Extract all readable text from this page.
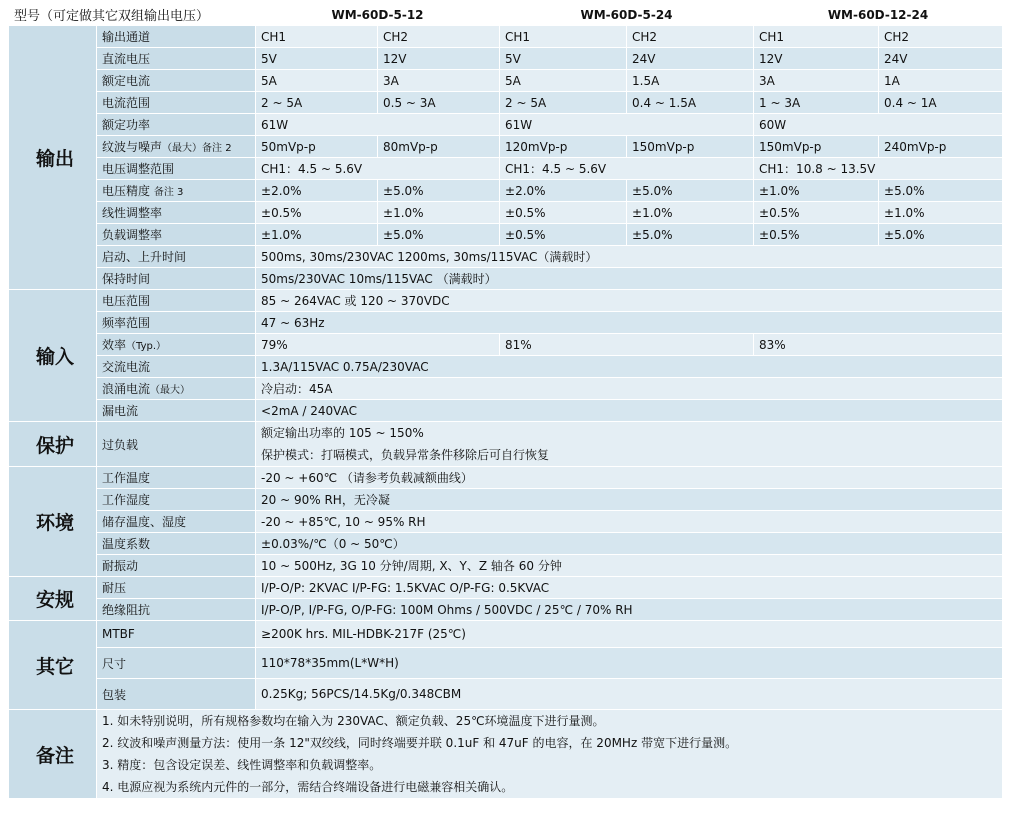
型号（可定做其它双组输出电压）		WM-60D-5-12		WM-60D-5-24		WM-60D-12-24	
输出	输出通道	CH1	CH2	CH1	CH2	CH1	CH2
	直流电压	5V	12V	5V	24V	12V	24V
	额定电流	5A	3A	5A	1.5A	3A	1A
	电流范围	2 ~ 5A	0.5 ~ 3A	2 ~ 5A	0.4 ~ 1.5A	1 ~ 3A	0.4 ~ 1A
	额定功率	61W		61W		60W	
	纹波与噪声（最大）备注 2	50mVp-p	80mVp-p	120mVp-p	150mVp-p	150mVp-p	240mVp-p
	电压调整范围	CH1：4.5 ~ 5.6V		CH1：4.5 ~ 5.6V		CH1：10.8 ~ 13.5V	
	电压精度 备注 3	±2.0%	±5.0%	±2.0%	±5.0%	±1.0%	±5.0%
	线性调整率	±0.5%	±1.0%	±0.5%	±1.0%	±0.5%	±1.0%
	负载调整率	±1.0%	±5.0%	±0.5%	±5.0%	±0.5%	±5.0%
	启动、上升时间	500ms, 30ms/230VAC 1200ms, 30ms/115VAC（满载时）					
	保持时间	50ms/230VAC 10ms/115VAC （满载时）					
输入	电压范围	85 ~ 264VAC 或 120 ~ 370VDC					
	频率范围	47 ~ 63Hz					
	效率（Typ.）	79%		81%		83%	
	交流电流	1.3A/115VAC 0.75A/230VAC					
	浪涌电流（最大）	冷启动：45A					
	漏电流	<2mA / 240VAC					
保护	过负载	额定输出功率的 105 ~ 150%
保护模式：打嗝模式，负载异常条件移除后可自行恢复					

环境	工作温度	-20 ~ +60℃ （请参考负载减额曲线）					
	工作湿度	20 ~ 90% RH，无冷凝					
	储存温度、湿度	-20 ~ +85℃, 10 ~ 95% RH					
	温度系数	±0.03%/℃（0 ~ 50℃）					
	耐振动	10 ~ 500Hz, 3G 10 分钟/周期, X、Y、Z 轴各 60 分钟					
安规	耐压	I/P-O/P: 2KVAC I/P-FG: 1.5KVAC O/P-FG: 0.5KVAC					
	绝缘阻抗	I/P-O/P, I/P-FG, O/P-FG: 100M Ohms / 500VDC / 25℃ / 70% RH					
其它	MTBF	≥200K hrs. MIL-HDBK-217F (25℃)					
	尺寸	110*78*35mm(L*W*H)					
	包装	0.25Kg; 56PCS/14.5Kg/0.348CBM					
备注	1. 如未特别说明，所有规格参数均在输入为 230VAC、额定负载、25℃环境温度下进行量测。
2. 纹波和噪声测量方法：使用一条 12"双绞线，同时终端要并联 0.1uF 和 47uF 的电容，在 20MHz 带宽下进行量测。
3. 精度：包含设定误差、线性调整率和负载调整率。
4. 电源应视为系统内元件的一部分，需结合终端设备进行电磁兼容相关确认。						
